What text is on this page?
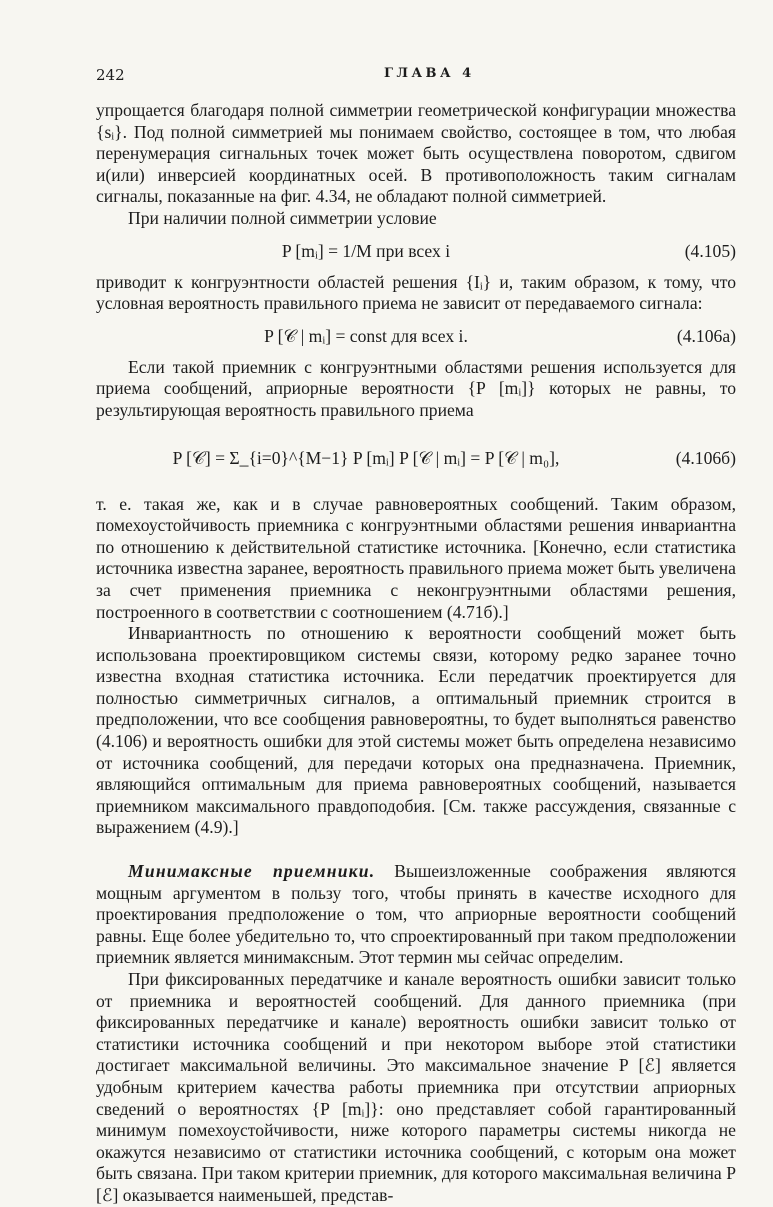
242	ГЛАВА 4

упрощается благодаря полной симметрии геометрической конфигурации множества {sᵢ}. Под полной симметрией мы понимаем свойство, состоящее в том, что любая перенумерация сигнальных точек может быть осуществлена поворотом, сдвигом и(или) инверсией координатных осей. В противоположность таким сигналам сигналы, показанные на фиг. 4.34, не обладают полной симметрией.

При наличии полной симметрии условие

P [mᵢ] = 1/M при всех i	(4.105)

приводит к конгруэнтности областей решения {Iᵢ} и, таким образом, к тому, что условная вероятность правильного приема не зависит от передаваемого сигнала:

P [𝒞 | mᵢ] = const для всех i.	(4.106а)

Если такой приемник с конгруэнтными областями решения используется для приема сообщений, априорные вероятности {P [mᵢ]} которых не равны, то результирующая вероятность правильного приема

P [𝒞] = Σ_{i=0}^{M−1} P [mᵢ] P [𝒞 | mᵢ] = P [𝒞 | m₀],	(4.106б)

т. е. такая же, как и в случае равновероятных сообщений. Таким образом, помехоустойчивость приемника с конгруэнтными областями решения инвариантна по отношению к действительной статистике источника. [Конечно, если статистика источника известна заранее, вероятность правильного приема может быть увеличена за счет применения приемника с неконгруэнтными областями решения, построенного в соответствии с соотношением (4.71б).]

Инвариантность по отношению к вероятности сообщений может быть использована проектировщиком системы связи, которому редко заранее точно известна входная статистика источника. Если передатчик проектируется для полностью симметричных сигналов, а оптимальный приемник строится в предположении, что все сообщения равновероятны, то будет выполняться равенство (4.106) и вероятность ошибки для этой системы может быть определена независимо от источника сообщений, для передачи которых она предназначена. Приемник, являющийся оптимальным для приема равновероятных сообщений, называется приемником максимального правдоподобия. [См. также рассуждения, связанные с выражением (4.9).]

Минимаксные приемники. Вышеизложенные соображения являются мощным аргументом в пользу того, чтобы принять в качестве исходного для проектирования предположение о том, что априорные вероятности сообщений равны. Еще более убедительно то, что спроектированный при таком предположении приемник является минимаксным. Этот термин мы сейчас определим.

При фиксированных передатчике и канале вероятность ошибки зависит только от приемника и вероятностей сообщений. Для данного приемника (при фиксированных передатчике и канале) вероятность ошибки зависит только от статистики источника сообщений и при некотором выборе этой статистики достигает максимальной величины. Это максимальное значение P [ℰ] является удобным критерием качества работы приемника при отсутствии априорных сведений о вероятностях {P [mᵢ]}: оно представляет собой гарантированный минимум помехоустойчивости, ниже которого параметры системы никогда не окажутся независимо от статистики источника сообщений, с которым она может быть связана. При таком критерии приемник, для которого максимальная величина P [ℰ] оказывается наименьшей, представ-
